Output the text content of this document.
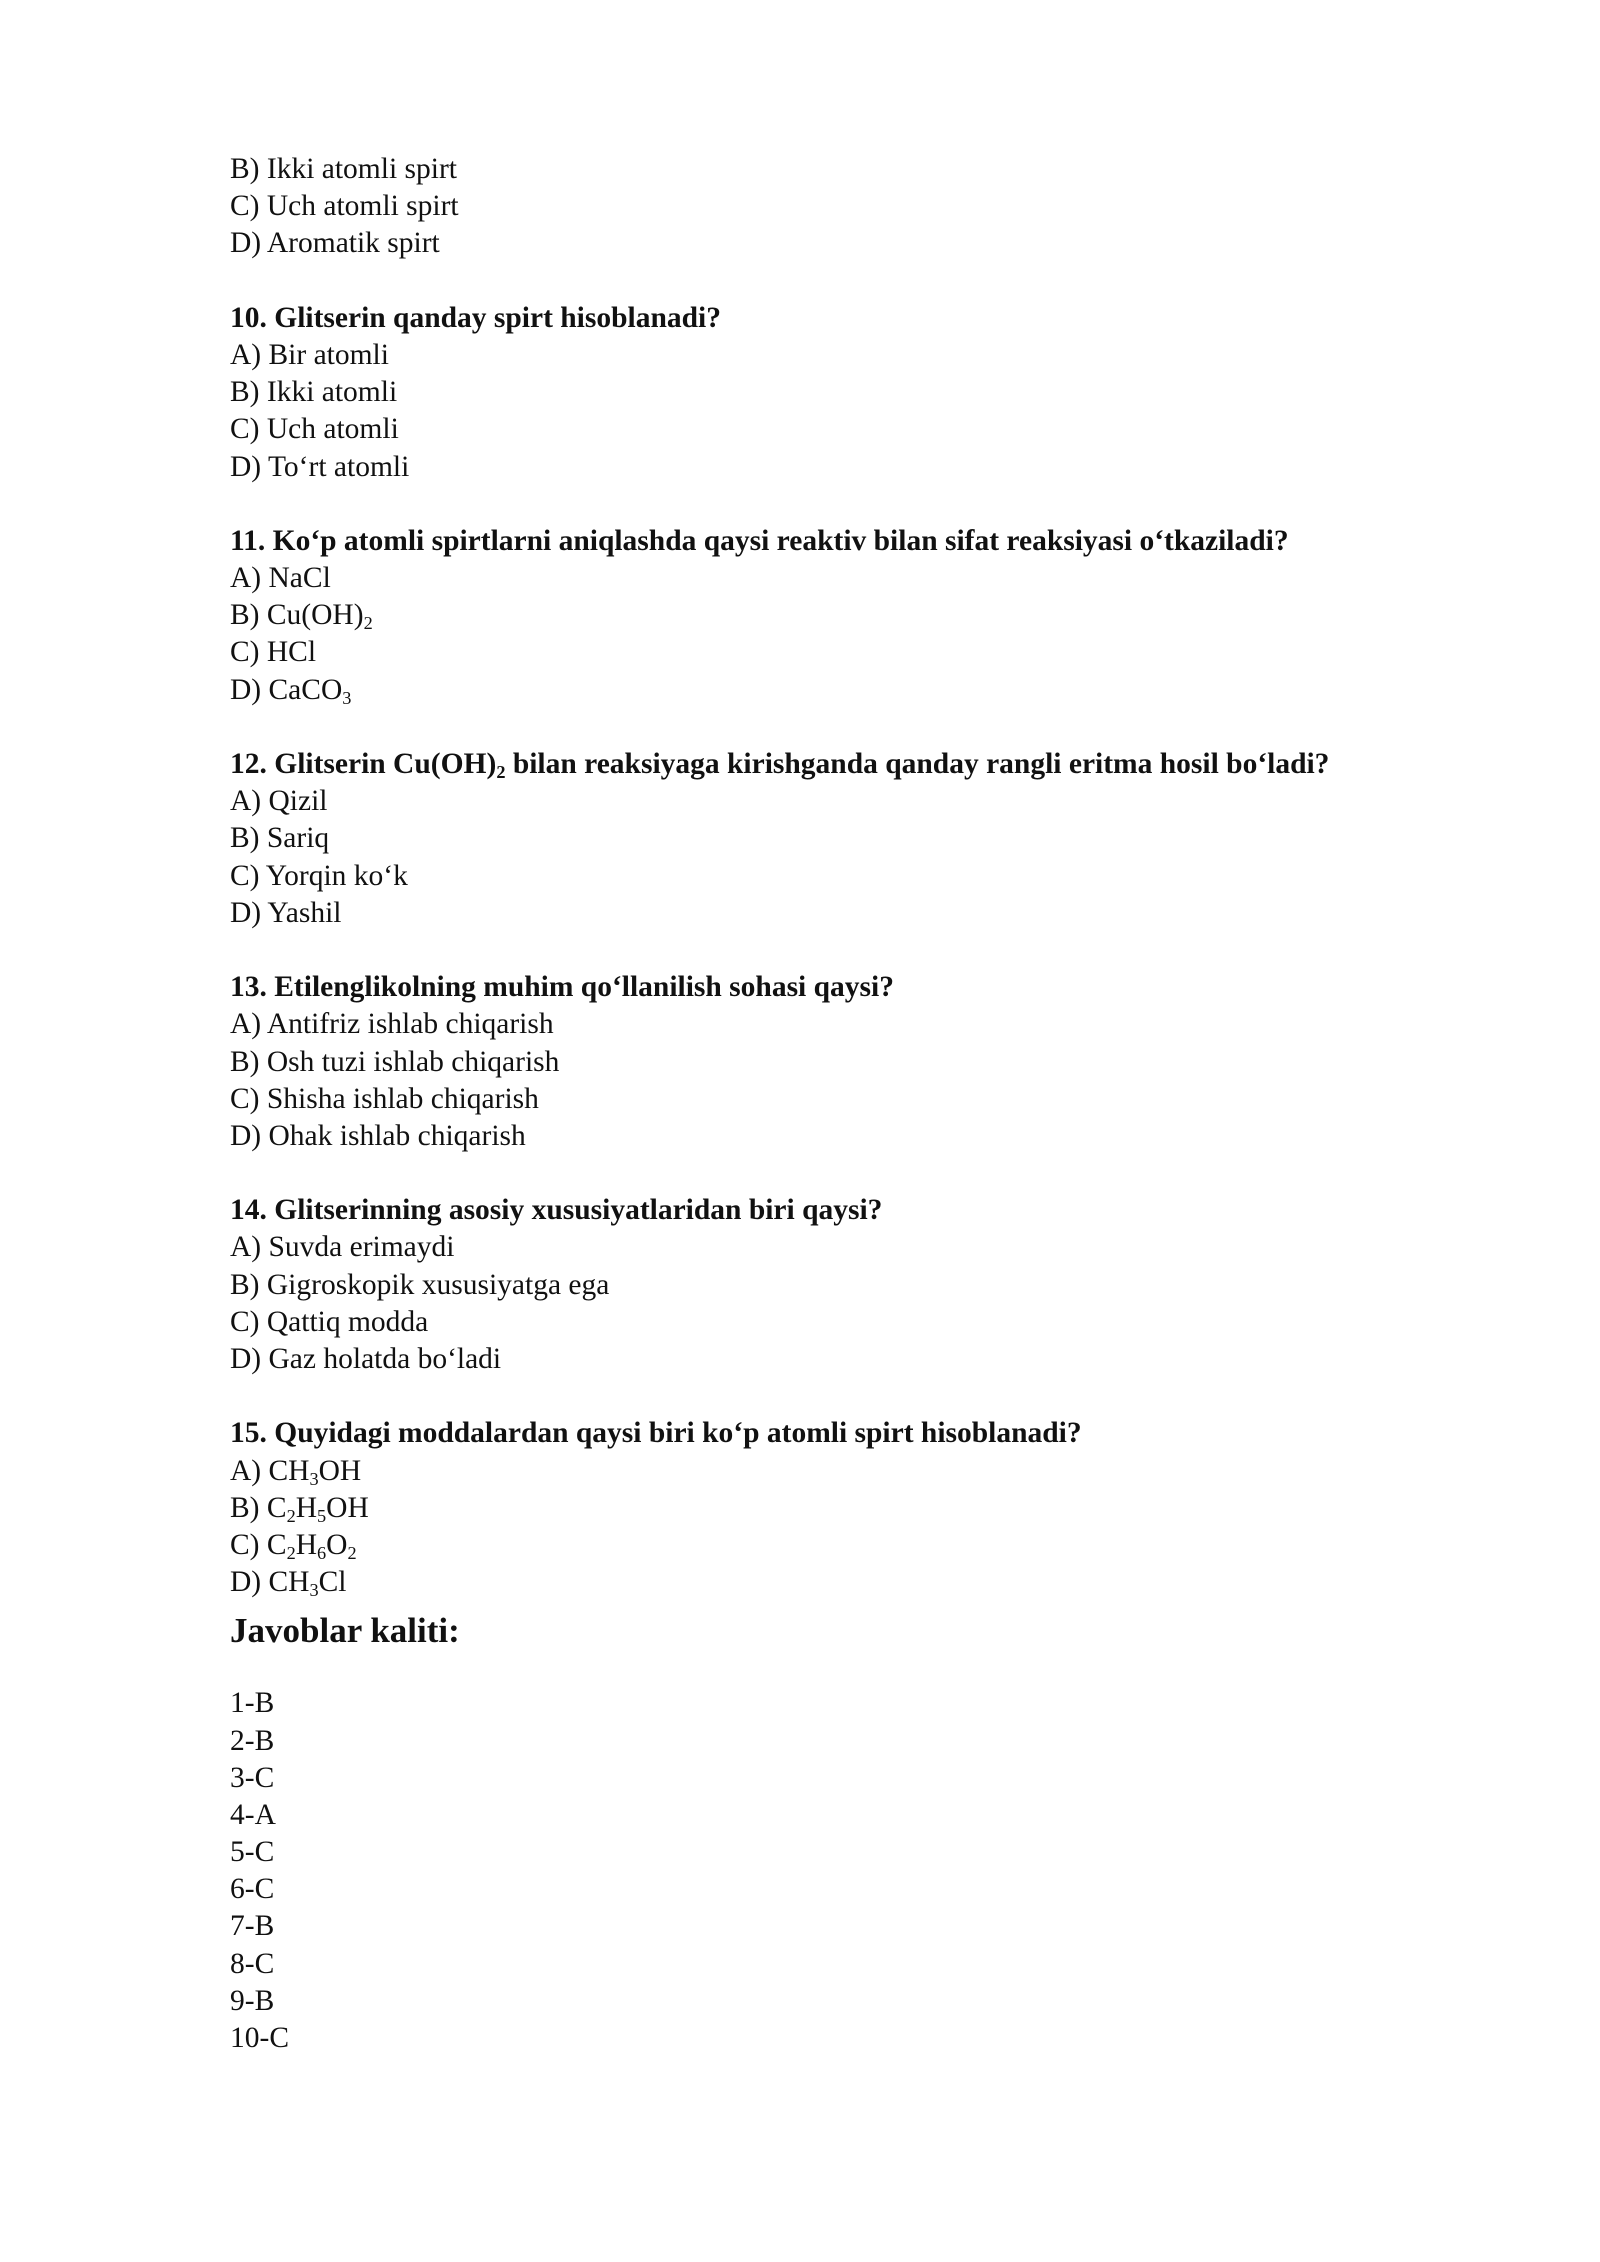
B) Ikki atomli spirt
C) Uch atomli spirt
D) Aromatik spirt
10. Glitserin qanday spirt hisoblanadi?
A) Bir atomli
B) Ikki atomli
C) Uch atomli
D) To‘rt atomli
11. Ko‘p atomli spirtlarni aniqlashda qaysi reaktiv bilan sifat reaksiyasi o‘tkaziladi?
A) NaCl
B) $Cu(OH)_2$
C) HCl
D) CaCO$_3$
12. Glitserin $Cu(OH)_2$ bilan reaksiyaga kirishganda qanday rangli eritma hosil bo‘ladi?
A) Qizil
B) Sariq
C) Yorqin ko‘k
D) Yashil
13. Etilenglikolning muhim qo‘llanilish sohasi qaysi?
A) Antifriz ishlab chiqarish
B) Osh tuzi ishlab chiqarish
C) Shisha ishlab chiqarish
D) Ohak ishlab chiqarish
14. Glitserinning asosiy xususiyatlaridan biri qaysi?
A) Suvda erimaydi
B) Gigroskopik xususiyatga ega
C) Qattiq modda
D) Gaz holatda bo‘ladi
15. Quyidagi moddalardan qaysi biri ko‘p atomli spirt hisoblanadi?
A) $CH_3OH$
B) $C_2H_5OH$
C) $C_2H_6O_2$
D) $CH_3Cl$
Javoblar kaliti:
1-B
2-B
3-C
4-A
5-C
6-C
7-B
8-C
9-B
10-C
